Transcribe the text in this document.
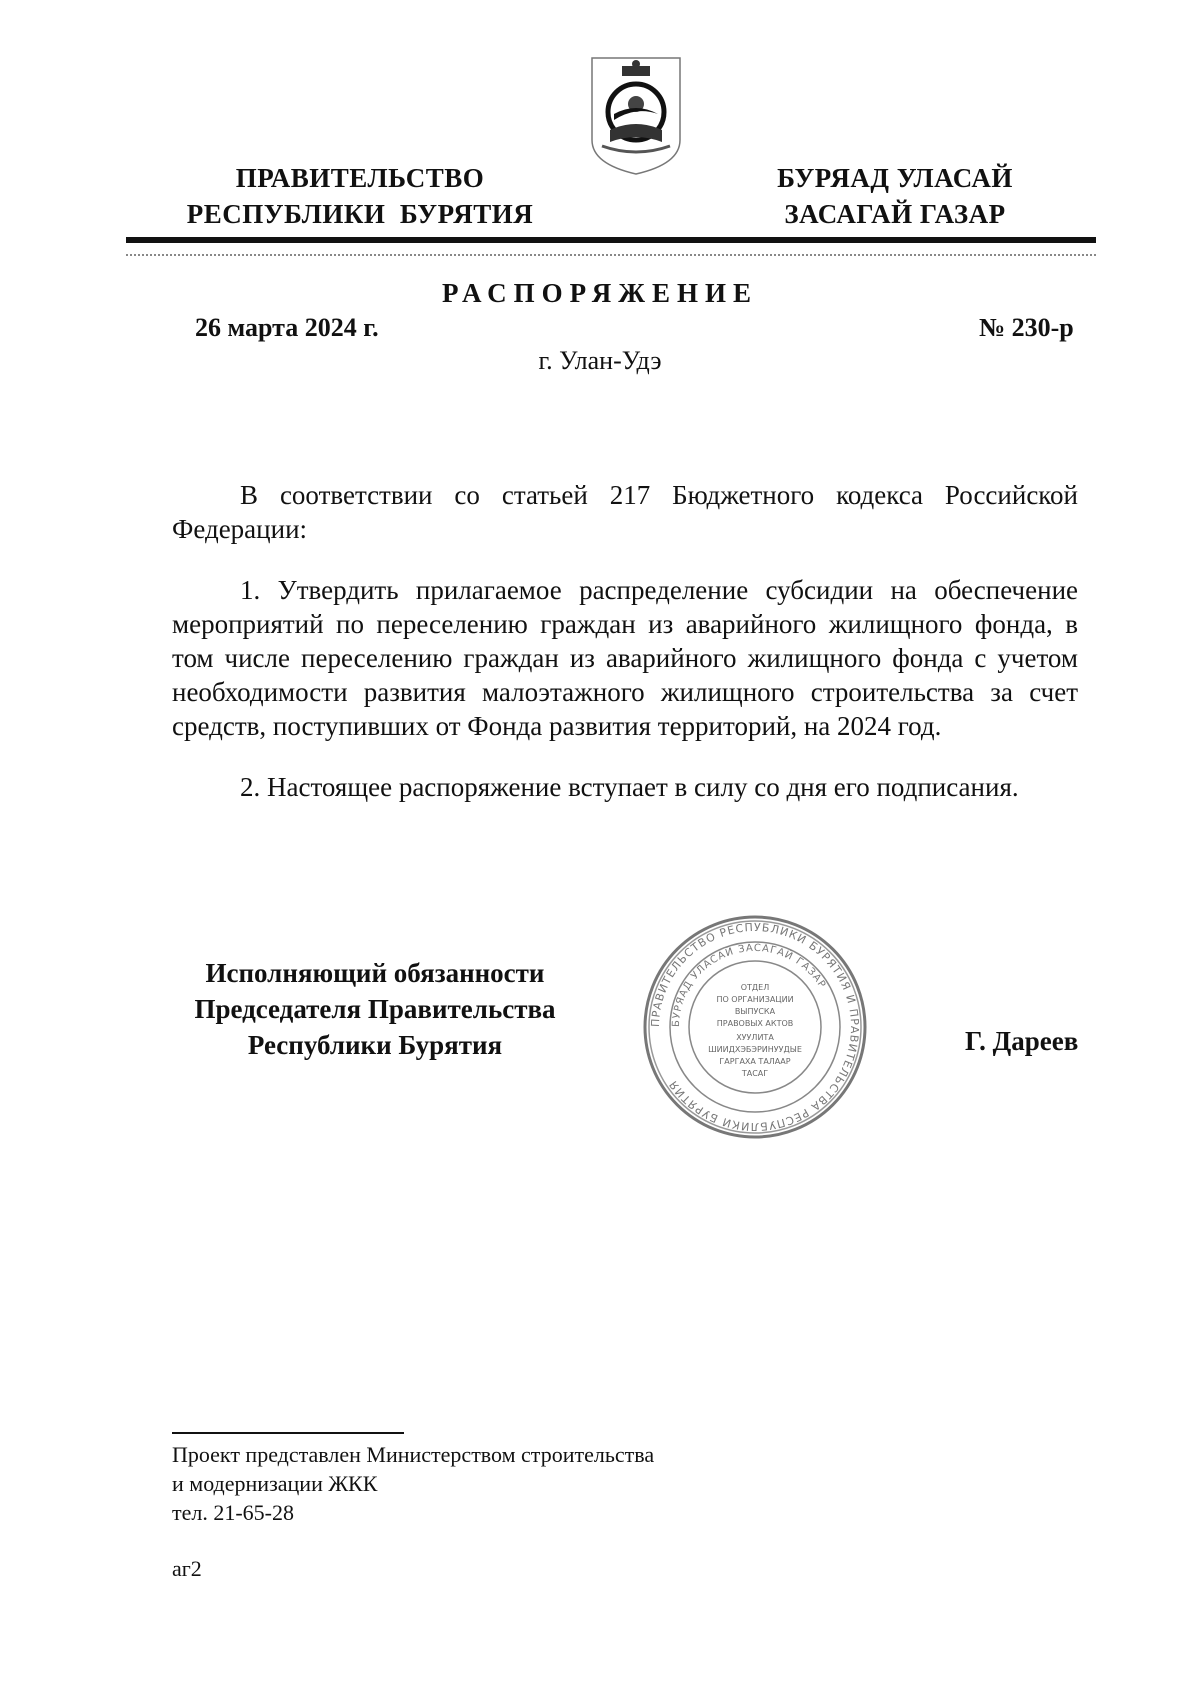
ПРАВИТЕЛЬСТВО
РЕСПУБЛИКИ  БУРЯТИЯ
БУРЯАД УЛАСАЙ
ЗАСАГАЙ ГАЗАР
РАСПОРЯЖЕНИЕ
26 марта 2024 г.	№ 230-р
г. Улан-Удэ
В соответствии со статьей 217 Бюджетного кодекса Российской Федерации:
1. Утвердить прилагаемое распределение субсидии на обеспечение мероприятий по переселению граждан из аварийного жилищного фонда, в том числе переселению граждан из аварийного жилищного фонда с учетом необходимости развития малоэтажного жилищного строительства за счет средств, поступивших от Фонда развития территорий, на 2024 год.
2. Настоящее распоряжение вступает в силу со дня его подписания.
Исполняющий обязанности
Председателя Правительства
Республики Бурятия
ПРАВИТЕЛЬСТВО РЕСПУБЛИКИ БУРЯТИЯ И ПРАВИТЕЛЬСТВА РЕСПУБЛИКИ БУРЯТИЯ
БУРЯАД УЛАСАЙ ЗАСАГАЙ ГАЗАР
ОТДЕЛ
ПО ОРГАНИЗАЦИИ
ВЫПУСКА
ПРАВОВЫХ АКТОВ
ХУУЛИТА
ШИИДХЭБЭРИНУУДЫЕ
ГАРГАХА ТАЛААР
ТАСАГ
Г. Дареев
Проект представлен Министерством строительства
и модернизации ЖКК
тел. 21-65-28
аг2
